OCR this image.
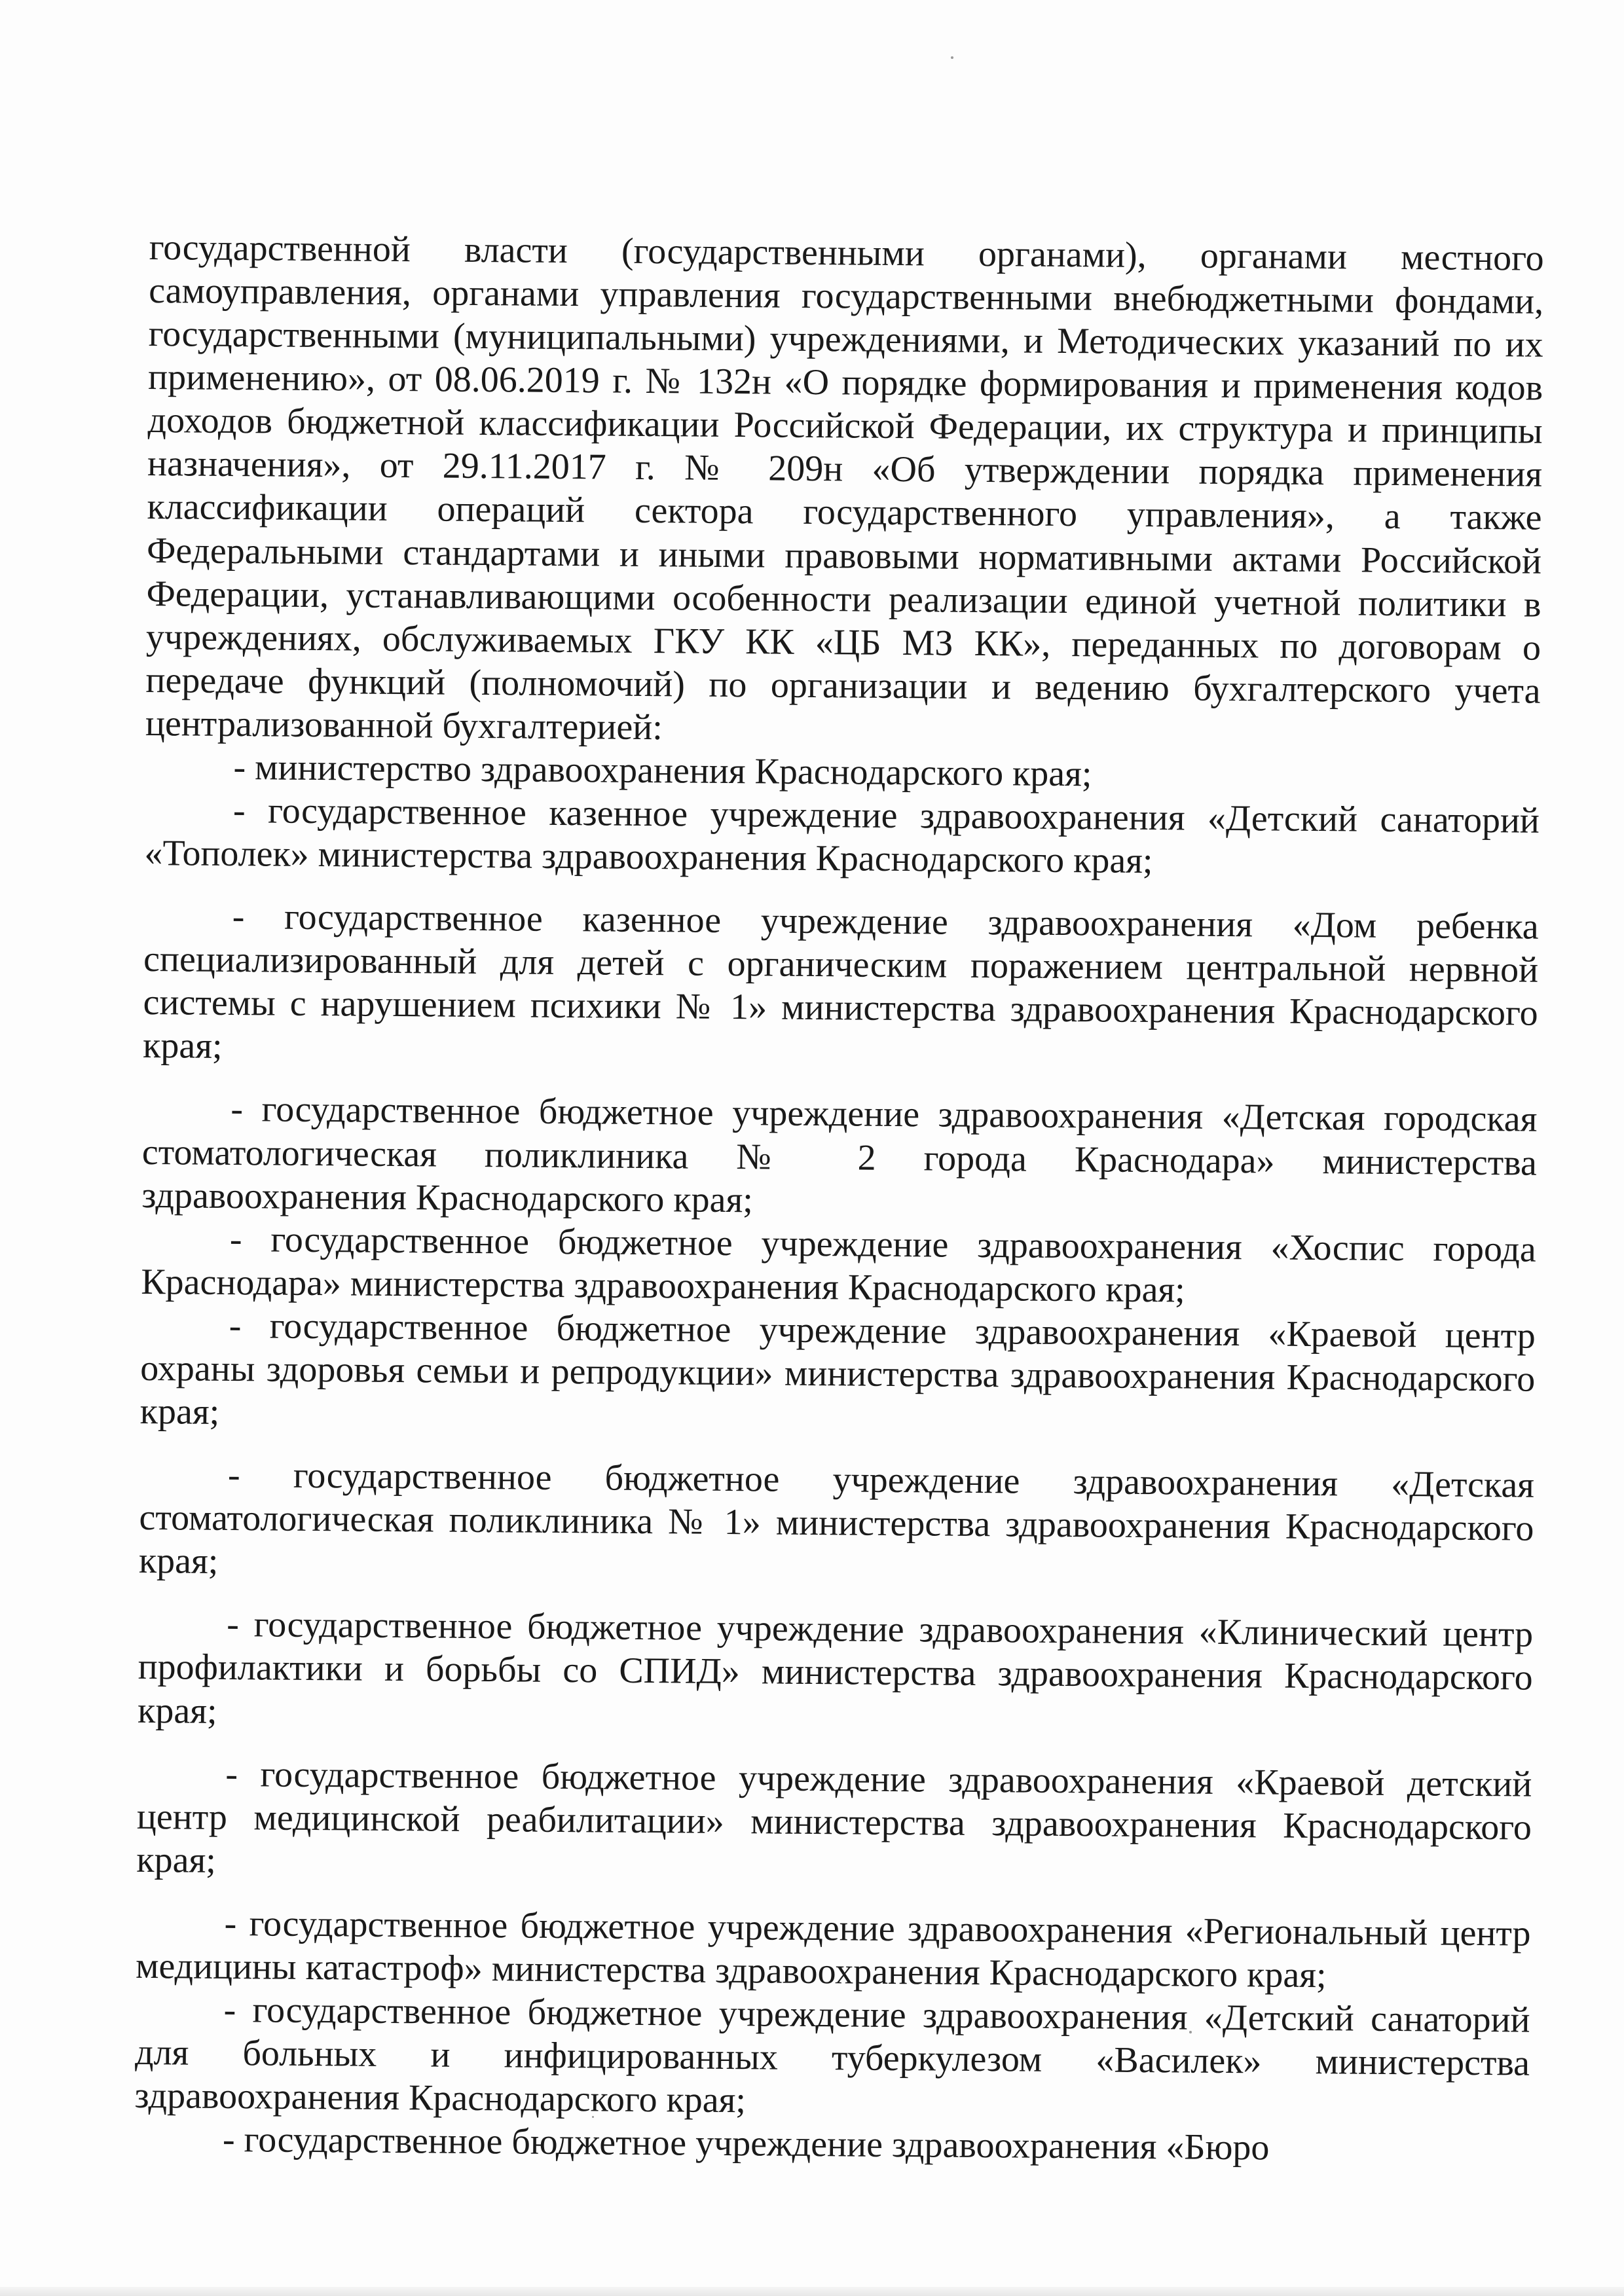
государственной власти (государственными органами), органами местного самоуправления, органами управления государственными внебюджетными фондами, государственными (муниципальными) учреждениями, и Методических указаний по их применению», от 08.06.2019 г. № 132н «О порядке формирования и применения кодов доходов бюджетной классификации Российской Федерации, их структура и принципы назначения», от 29.11.2017 г. № 209н «Об утверждении порядка применения классификации операций сектора государственного управления», а также Федеральными стандартами и иными правовыми нормативными актами Российской Федерации, устанавливающими особенности реализации единой учетной политики в учреждениях, обслуживаемых ГКУ КК «ЦБ МЗ КК», переданных по договорам о передаче функций (полномочий) по организации и ведению бухгалтерского учета централизованной бухгалтерией:

- министерство здравоохранения Краснодарского края;

- государственное казенное учреждение здравоохранения «Детский санаторий «Тополек» министерства здравоохранения Краснодарского края;

- государственное казенное учреждение здравоохранения «Дом ребенка специализированный для детей с органическим поражением центральной нервной системы с нарушением психики № 1» министерства здравоохранения Краснодарского края;

- государственное бюджетное учреждение здравоохранения «Детская городская стоматологическая поликлиника № 2 города Краснодара» министерства здравоохранения Краснодарского края;

- государственное бюджетное учреждение здравоохранения «Хоспис города Краснодара» министерства здравоохранения Краснодарского края;

- государственное бюджетное учреждение здравоохранения «Краевой центр охраны здоровья семьи и репродукции» министерства здравоохранения Краснодарского края;

- государственное бюджетное учреждение здравоохранения «Детская стоматологическая поликлиника № 1» министерства здравоохранения Краснодарского края;

- государственное бюджетное учреждение здравоохранения «Клинический центр профилактики и борьбы со СПИД» министерства здравоохранения Краснодарского края;

- государственное бюджетное учреждение здравоохранения «Краевой детский центр медицинской реабилитации» министерства здравоохранения Краснодарского края;

- государственное бюджетное учреждение здравоохранения «Региональный центр медицины катастроф» министерства здравоохранения Краснодарского края;

- государственное бюджетное учреждение здравоохранения «Детский санаторий для больных и инфицированных туберкулезом «Василек» министерства здравоохранения Краснодарского края;

- государственное бюджетное учреждение здравоохранения «Бюро
